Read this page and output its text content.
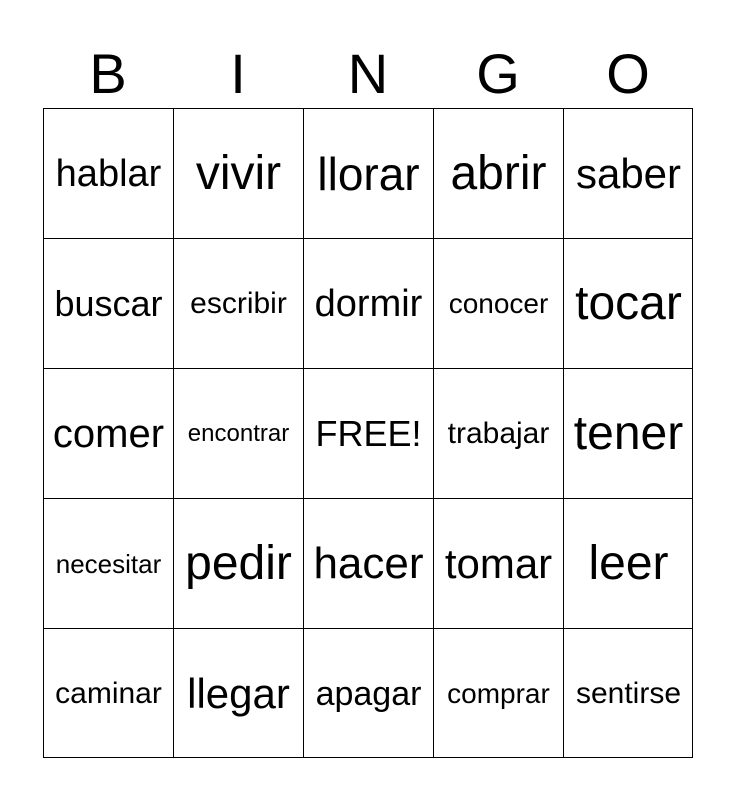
B	I	N	G	O
hablar vivir llorar abrir saber
buscar escribir dormir conocer tocar
comer encontrar FREE! trabajar tener
necesitar pedir hacer tomar leer
caminar llegar apagar comprar sentirse
